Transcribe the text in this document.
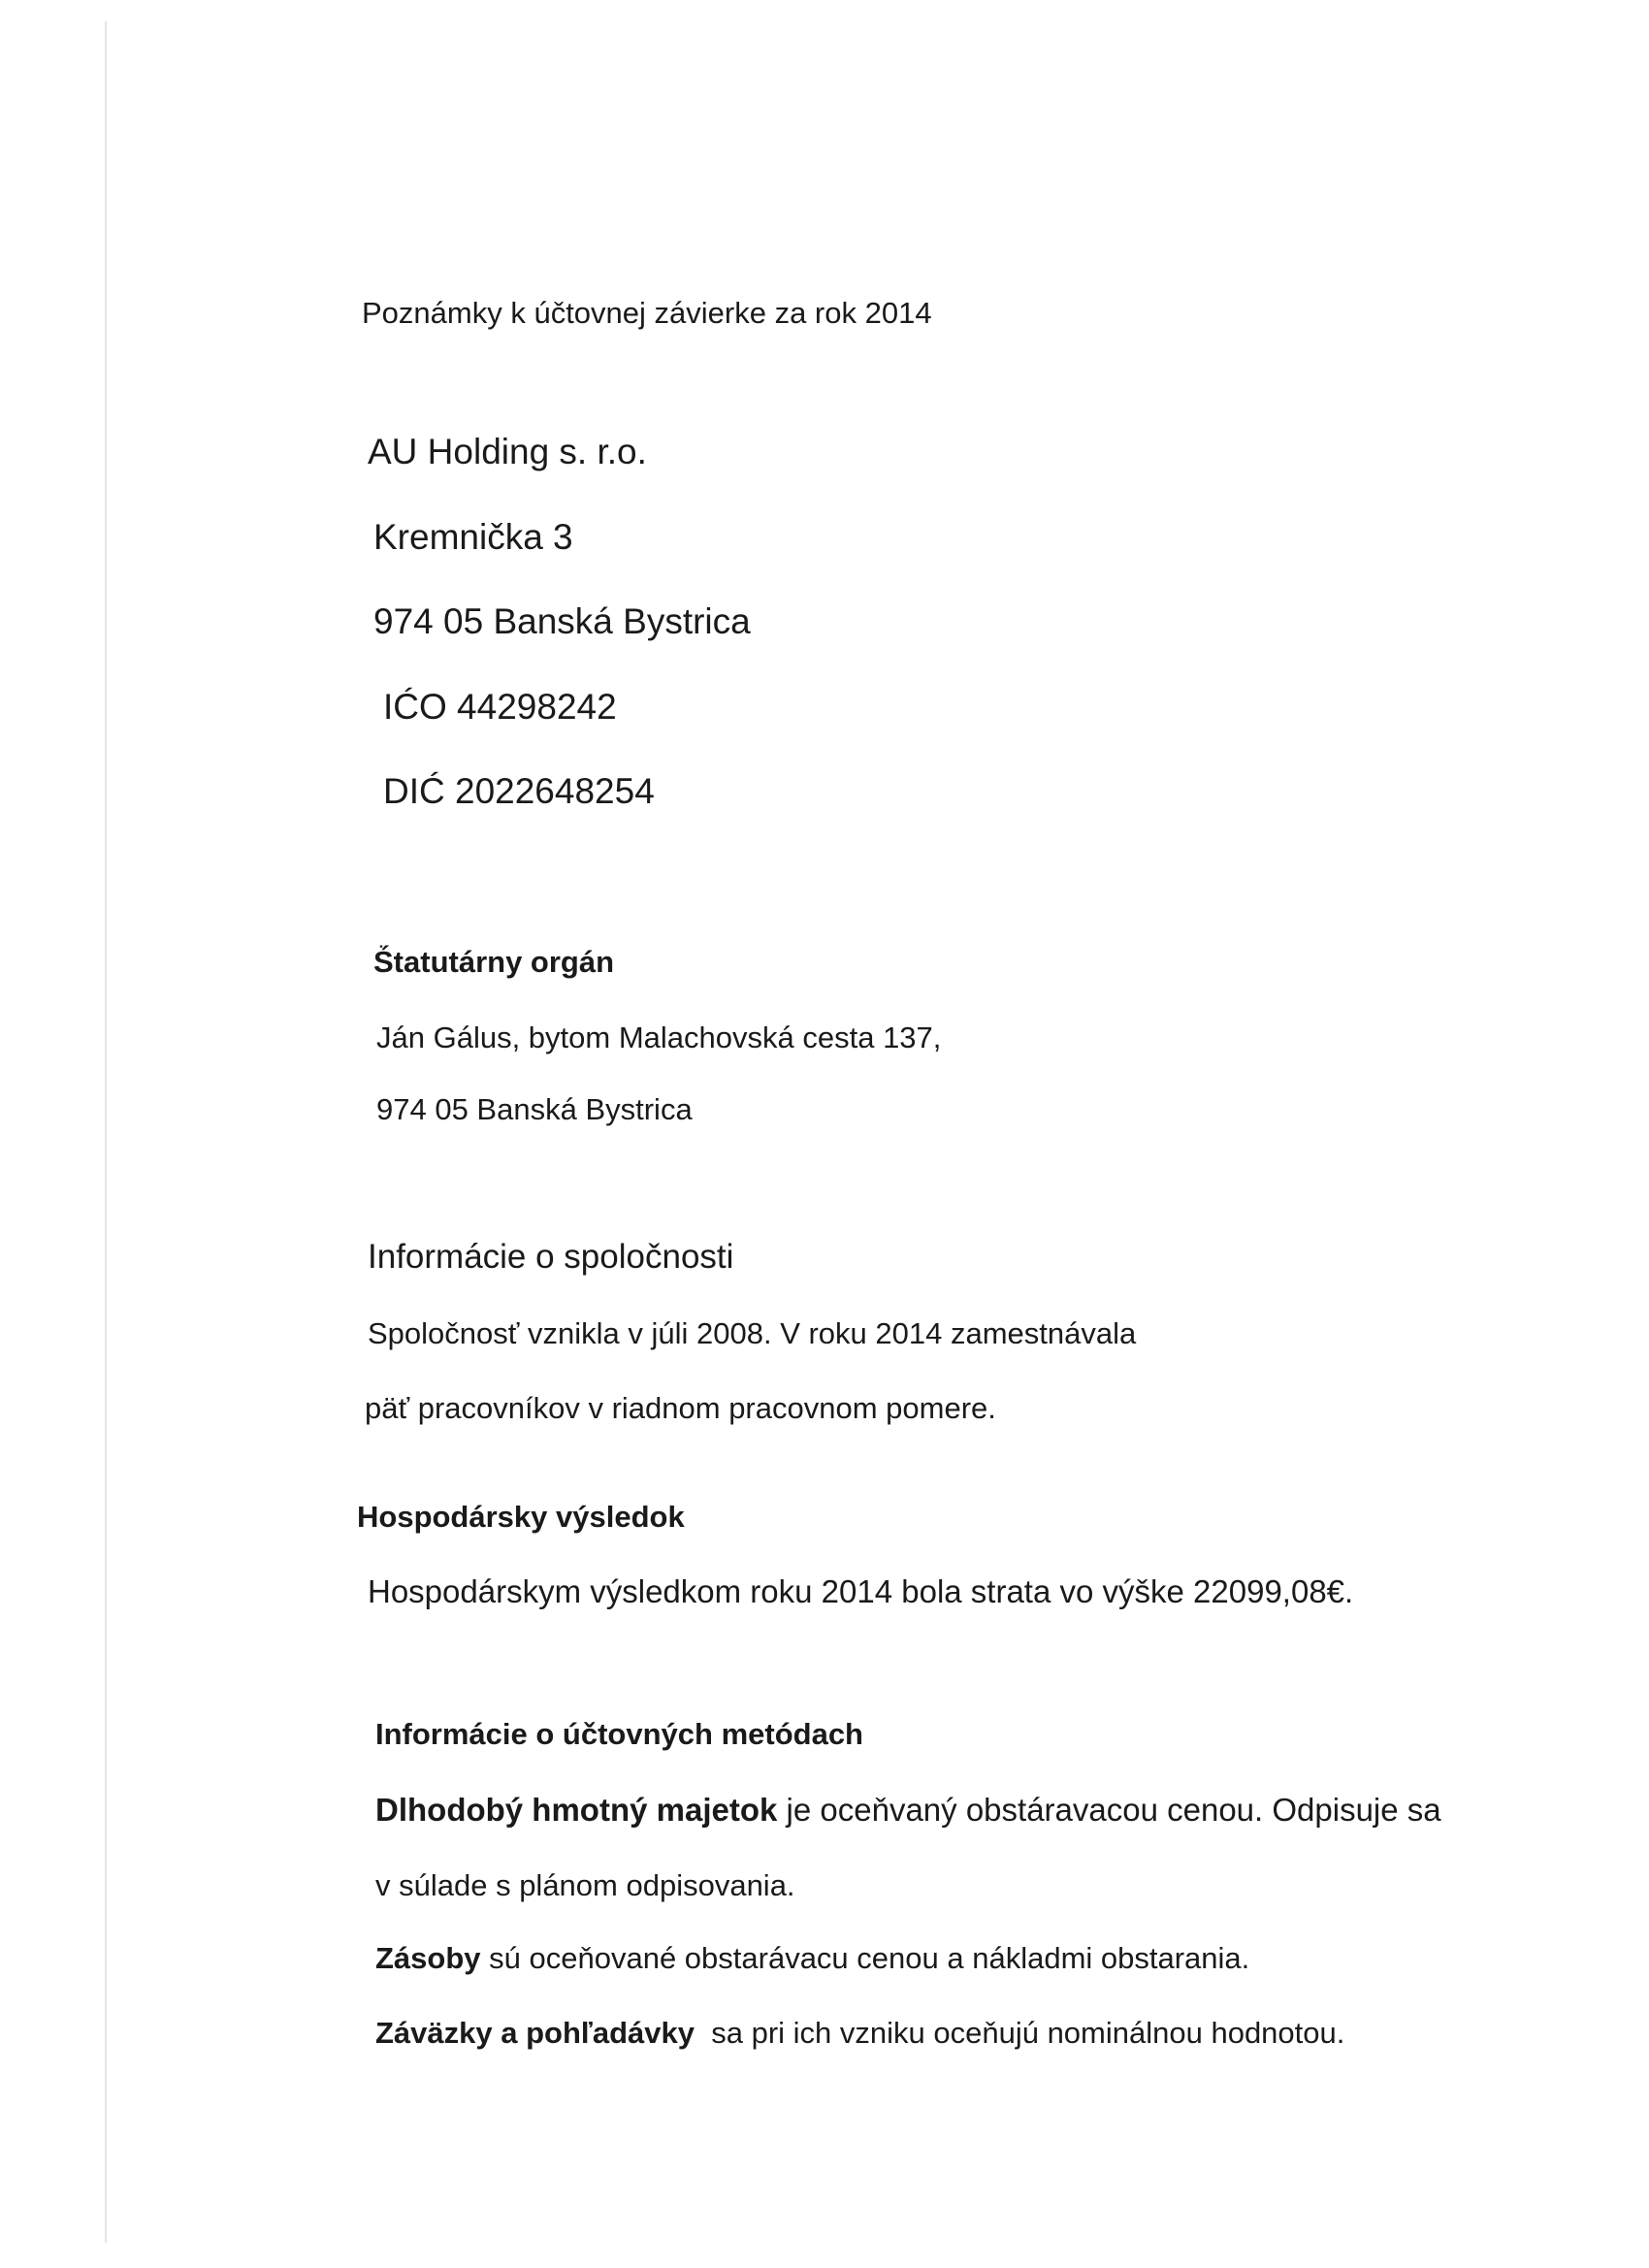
Poznámky k účtovnej závierke za rok 2014
AU Holding s. r.o.
Kremnička 3
974 05 Banská Bystrica
IĆO 44298242
DIĆ 2022648254
Ṥtatutárny orgán
Ján Gálus, bytom Malachovská cesta 137,
974 05 Banská Bystrica
Informácie o spoločnosti
Spoločnosť vznikla v júli 2008. V roku 2014 zamestnávala
päť pracovníkov v riadnom pracovnom pomere.
Hospodársky výsledok
Hospodárskym výsledkom roku 2014 bola strata vo výške 22099,08€.
Informácie o účtovných metódach
Dlhodobý hmotný majetok je oceňvaný obstáravacou cenou. Odpisuje sa
v súlade s plánom odpisovania.
Zásoby sú oceňované obstarávacu cenou a nákladmi obstarania.
Záväzky a pohľadávky  sa pri ich vzniku oceňujú nominálnou hodnotou.
